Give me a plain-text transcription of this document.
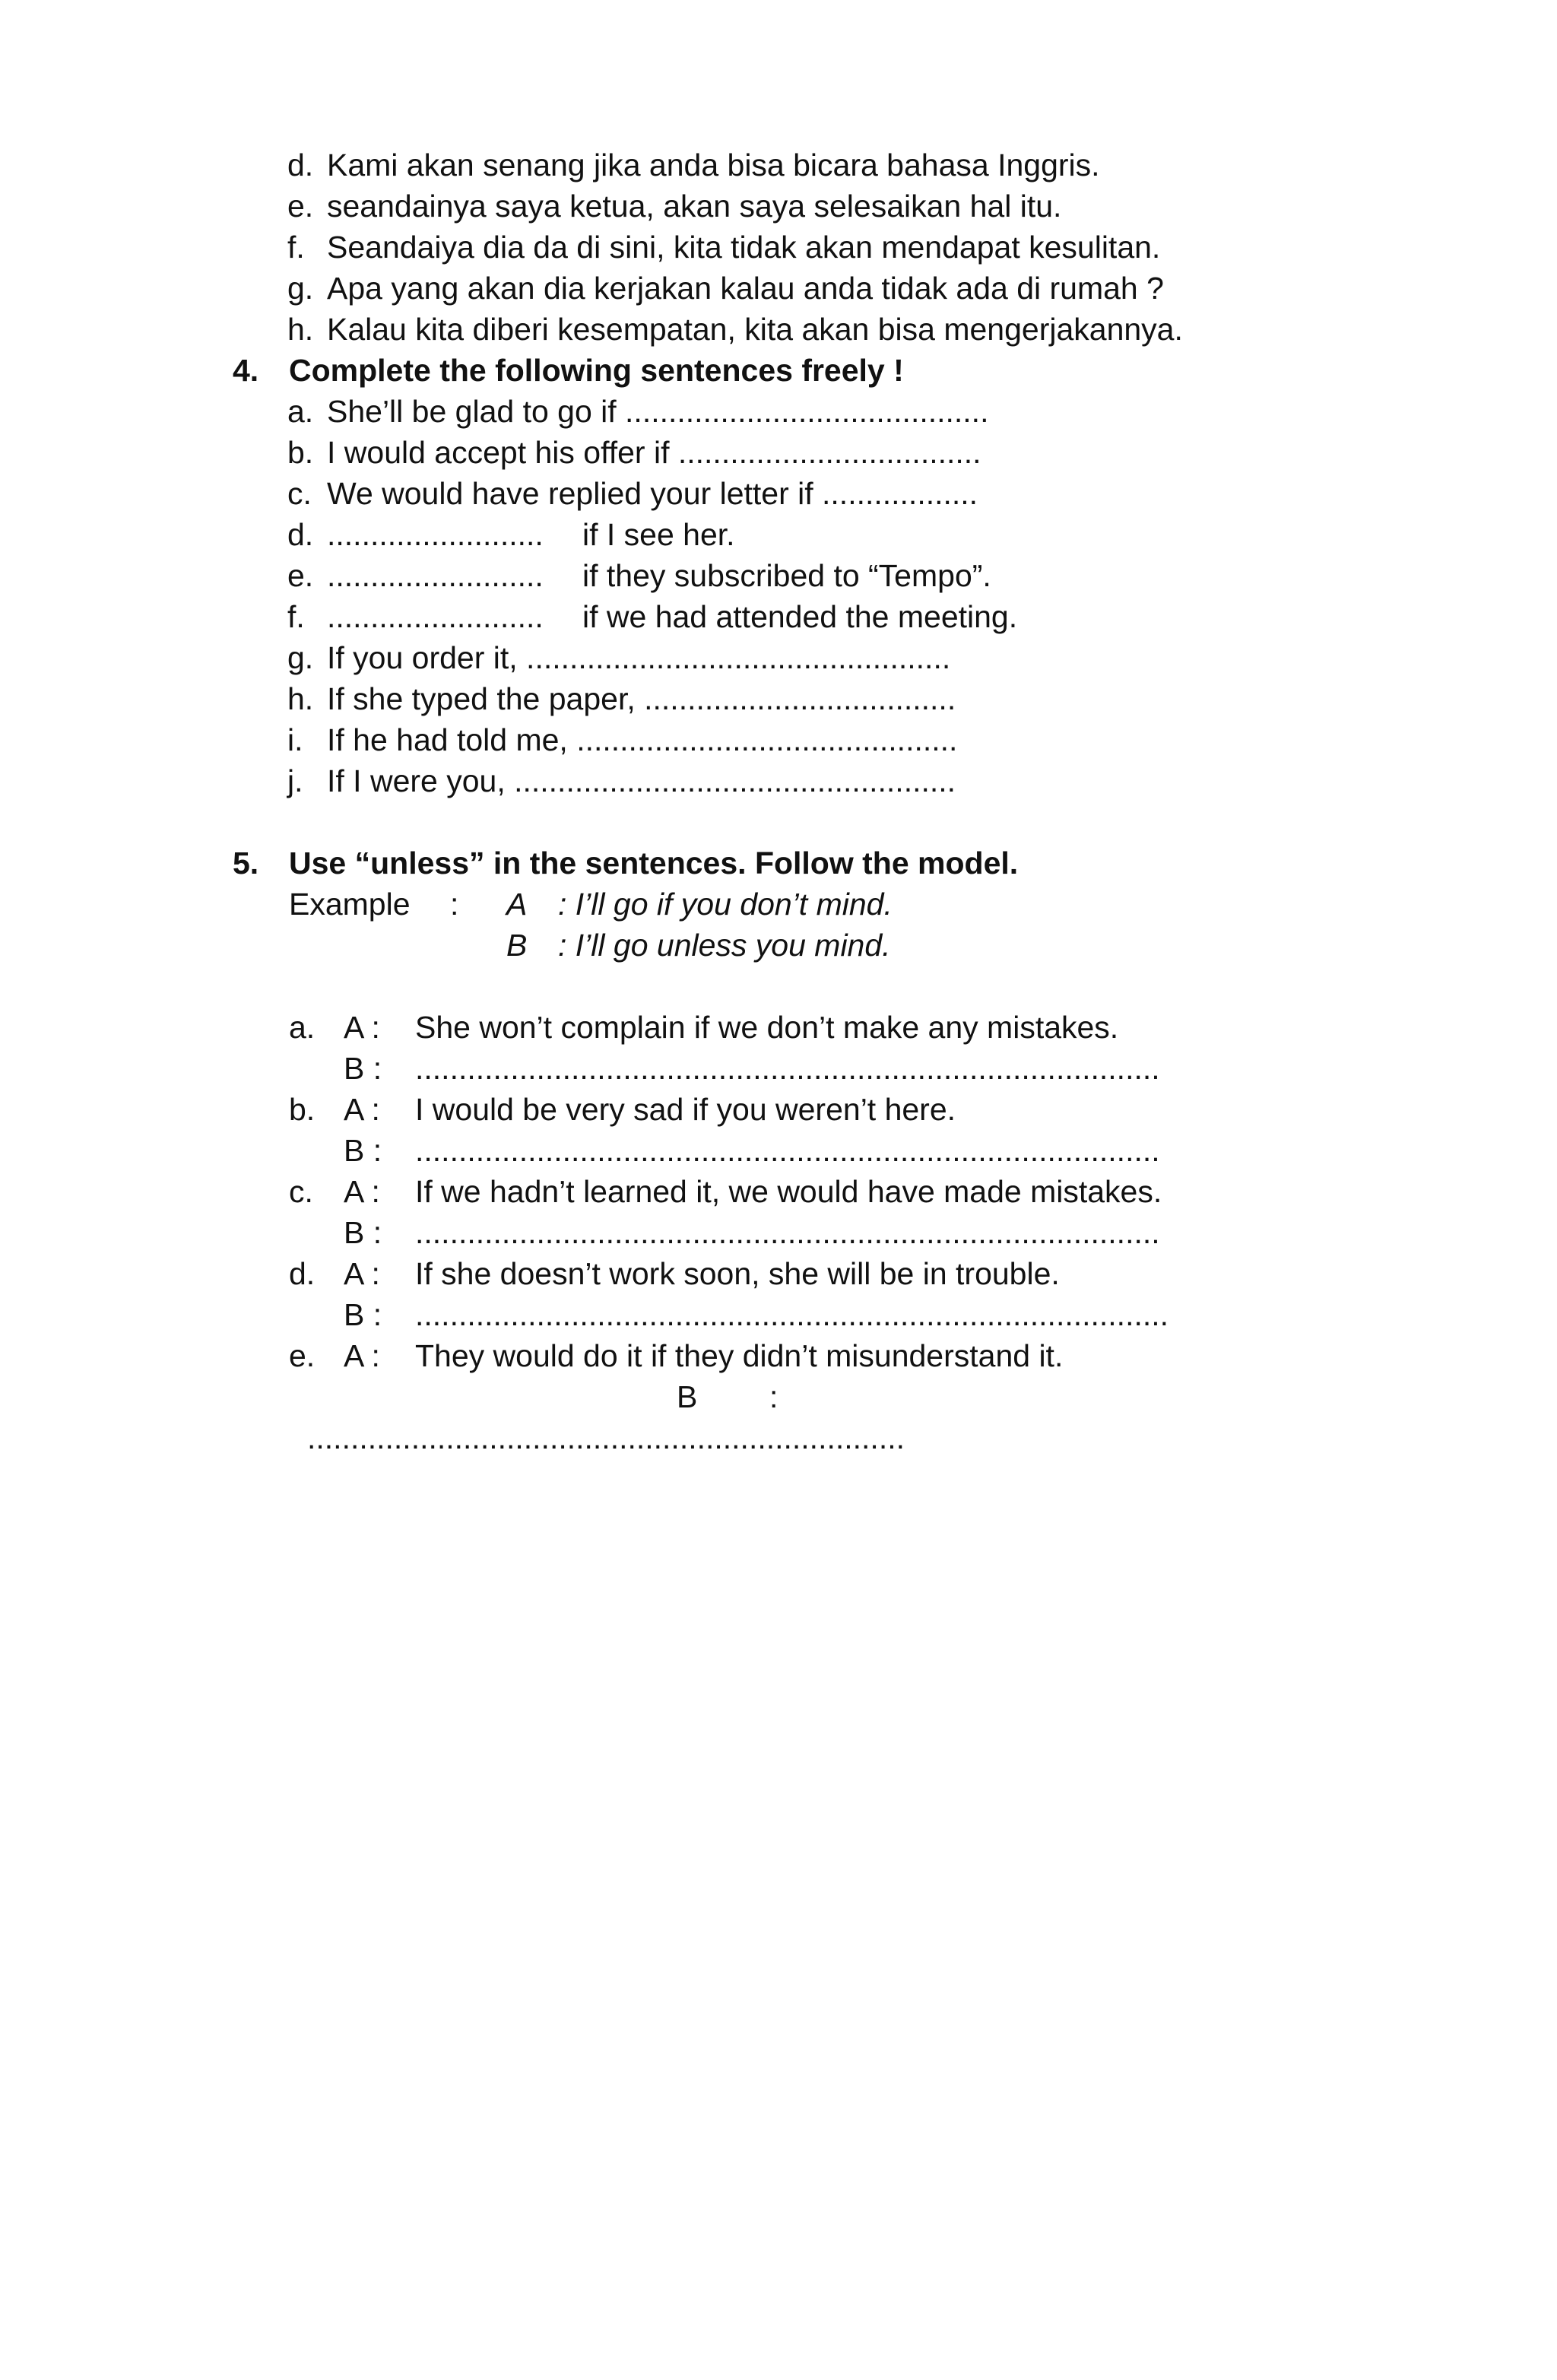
d. Kami akan senang jika anda bisa bicara bahasa Inggris.
e. seandainya saya ketua, akan saya selesaikan hal itu.
f. Seandaiya dia da di sini, kita tidak akan mendapat kesulitan.
g. Apa yang akan dia kerjakan kalau anda tidak ada di rumah ?
h. Kalau kita diberi kesempatan, kita akan bisa mengerjakannya.
4. Complete the following sentences freely !
a. She’ll be glad to go if ..........................................
b. I would accept his offer if ...................................
c. We would have replied your letter if ..................
d. ......................... if I see her.
e. ......................... if they subscribed to “Tempo”.
f. ......................... if we had attended the meeting.
g. If you order it, .................................................
h. If she typed the paper, ....................................
i. If he had told me, ............................................
j. If I were you, ...................................................
5. Use “unless” in the sentences. Follow the model.
Example : A : I’ll go if you don’t mind.
B : I’ll go unless you mind.
a. A : She won’t complain if we don’t make any mistakes.
B : ......................................................................................
b. A : I would be very sad if you weren’t here.
B : ......................................................................................
c. A : If we hadn’t learned it, we would have made mistakes.
B : ......................................................................................
d. A : If she doesn’t work soon, she will be in trouble.
B : .......................................................................................
e. A : They would do it if they didn’t misunderstand it.
B :
.....................................................................
